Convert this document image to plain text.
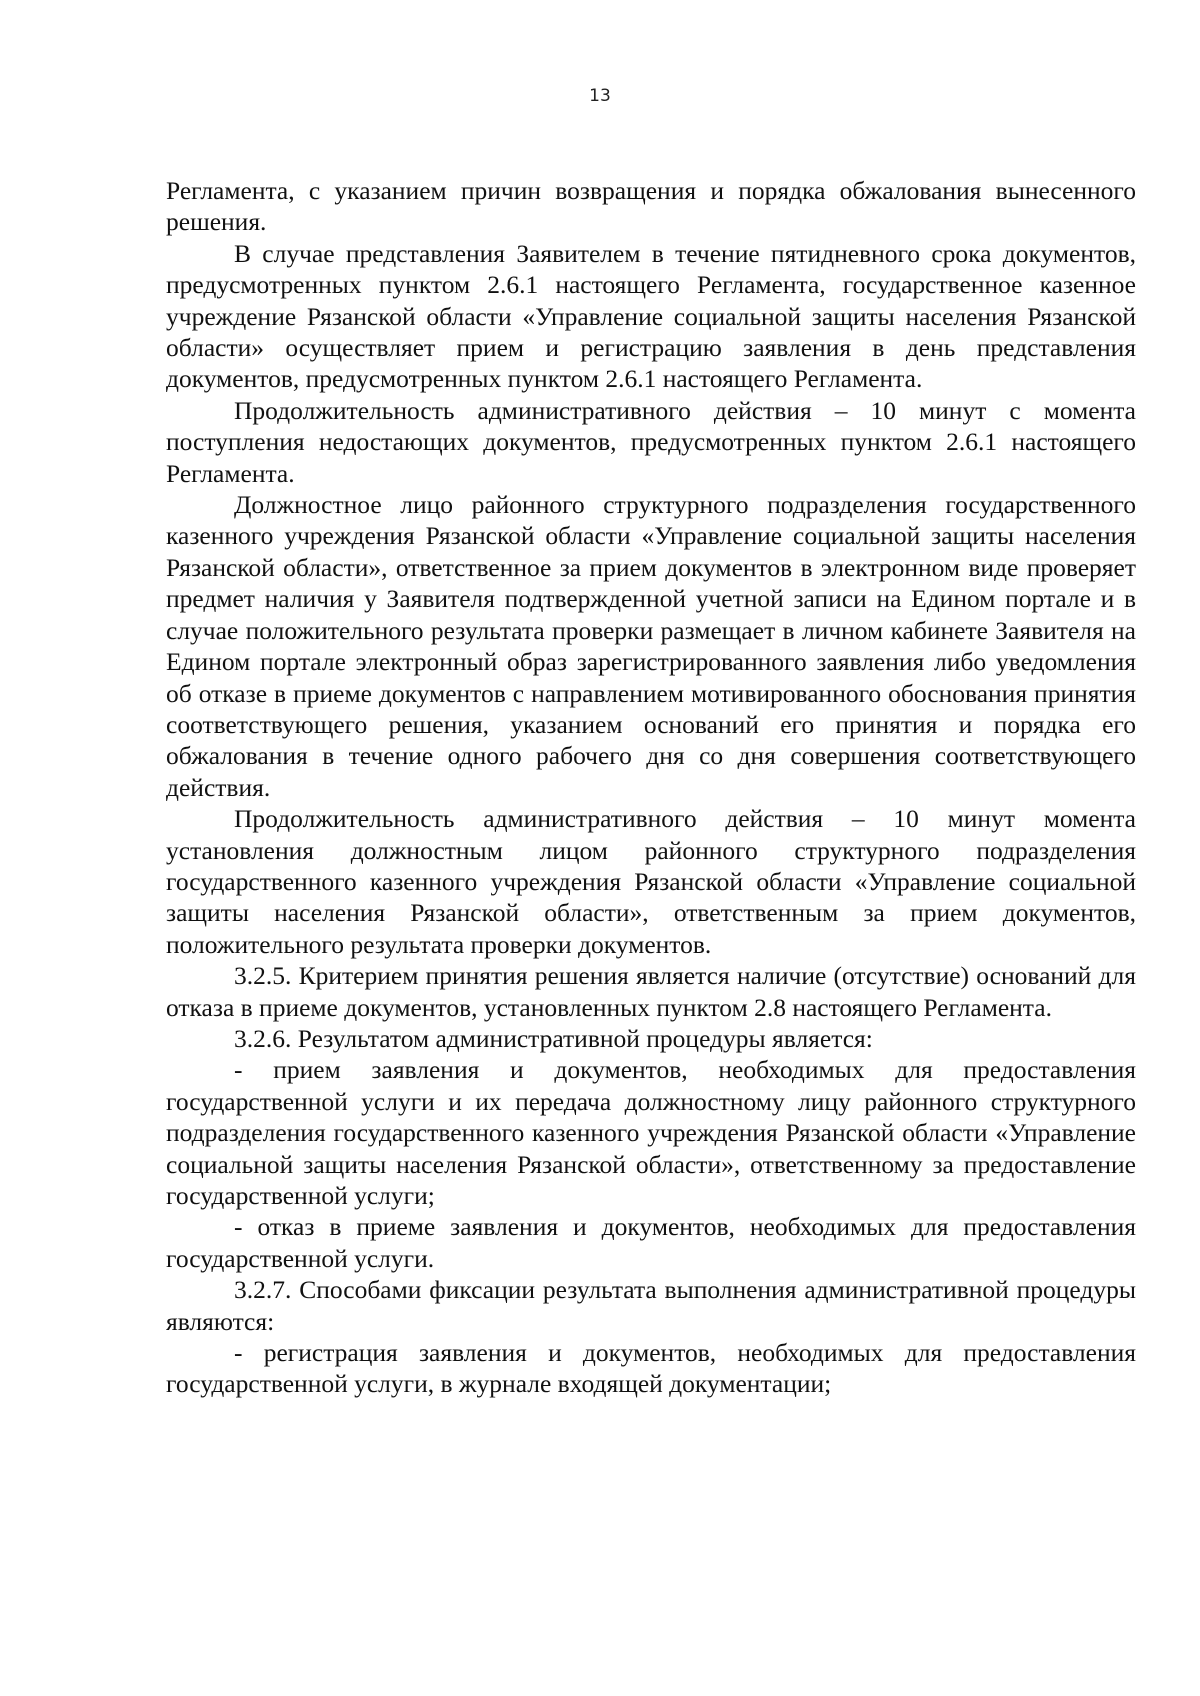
13

Регламента, с указанием причин возвращения и порядка обжалования вынесенного решения.

В случае представления Заявителем в течение пятидневного срока документов, предусмотренных пунктом 2.6.1 настоящего Регламента, государственное казенное учреждение Рязанской области «Управление социальной защиты населения Рязанской области» осуществляет прием и регистрацию заявления в день представления документов, предусмотренных пунктом 2.6.1 настоящего Регламента.

Продолжительность административного действия – 10 минут с момента поступления недостающих документов, предусмотренных пунктом 2.6.1 настоящего Регламента.

Должностное лицо районного структурного подразделения государственного казенного учреждения Рязанской области «Управление социальной защиты населения Рязанской области», ответственное за прием документов в электронном виде проверяет предмет наличия у Заявителя подтвержденной учетной записи на Едином портале и в случае положительного результата проверки размещает в личном кабинете Заявителя на Едином портале электронный образ зарегистрированного заявления либо уведомления об отказе в приеме документов с направлением мотивированного обоснования принятия соответствующего решения, указанием оснований его принятия и порядка его обжалования в течение одного рабочего дня со дня совершения соответствующего действия.

Продолжительность административного действия – 10 минут момента установления должностным лицом районного структурного подразделения государственного казенного учреждения Рязанской области «Управление социальной защиты населения Рязанской области», ответственным за прием документов, положительного результата проверки документов.

3.2.5. Критерием принятия решения является наличие (отсутствие) оснований для отказа в приеме документов, установленных пунктом 2.8 настоящего Регламента.

3.2.6. Результатом административной процедуры является:

- прием заявления и документов, необходимых для предоставления государственной услуги и их передача должностному лицу районного структурного подразделения государственного казенного учреждения Рязанской области «Управление социальной защиты населения Рязанской области», ответственному за предоставление государственной услуги;

- отказ в приеме заявления и документов, необходимых для предоставления государственной услуги.

3.2.7. Способами фиксации результата выполнения административной процедуры являются:

- регистрация заявления и документов, необходимых для предоставления государственной услуги, в журнале входящей документации;
